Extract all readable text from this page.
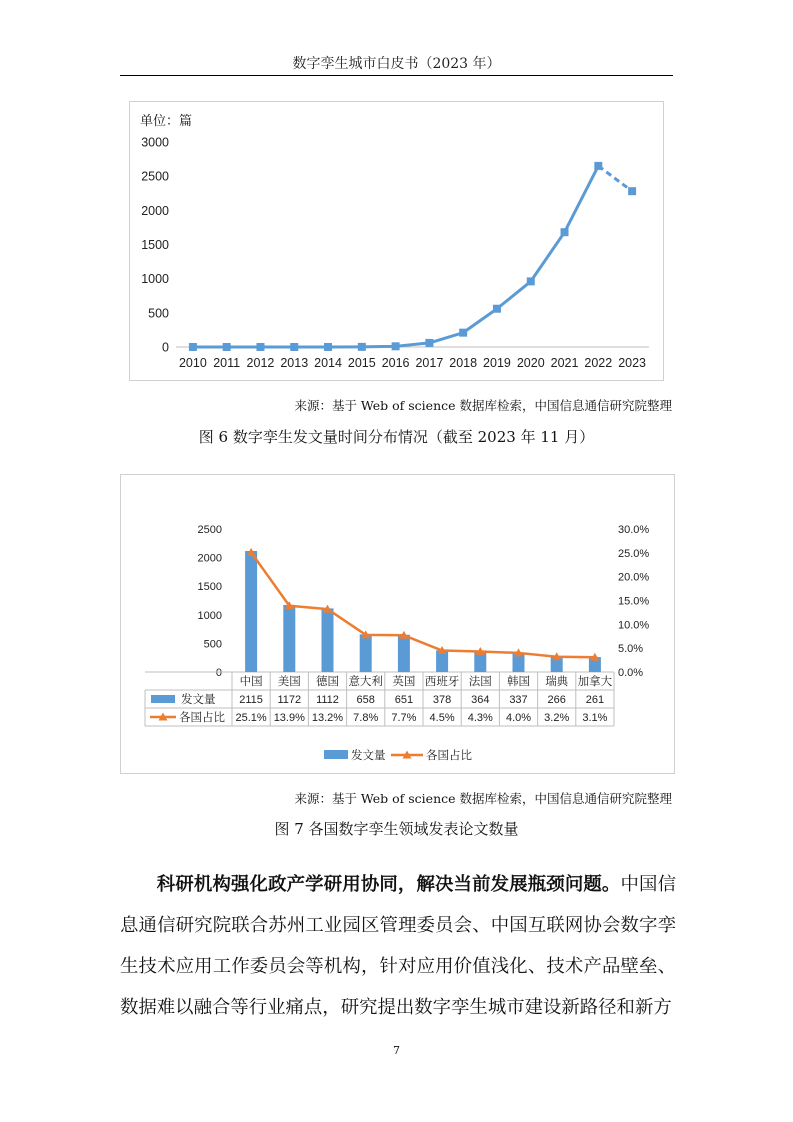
数字孪生城市白皮书（2023 年）
单位：篇
0
500
1000
1500
2000
2500
3000
2010 2011 2012 2013 2014 2015 2016 2017 2018 2019 2020 2021 2022 2023
来源：基于 Web of science 数据库检索，中国信息通信研究院整理
图 6 数字孪生发文量时间分布情况（截至 2023 年 11 月）
0
500
1000
1500
2000
2500
0.0%
5.0%
10.0%
15.0%
20.0%
25.0%
30.0%
中国 美国 德国 意大利 英国 西班牙 法国 韩国 瑞典 加拿大
发文量 2115 1172 1112 658 651 378 364 337 266 261
各国占比 25.1% 13.9% 13.2% 7.8% 7.7% 4.5% 4.3% 4.0% 3.2% 3.1%
发文量	各国占比
来源：基于 Web of science 数据库检索，中国信息通信研究院整理
图 7 各国数字孪生领域发表论文数量
科研机构强化政产学研用协同，解决当前发展瓶颈问题。中国信息通信研究院联合苏州工业园区管理委员会、中国互联网协会数字孪生技术应用工作委员会等机构，针对应用价值浅化、技术产品壁垒、数据难以融合等行业痛点，研究提出数字孪生城市建设新路径和新方
7
